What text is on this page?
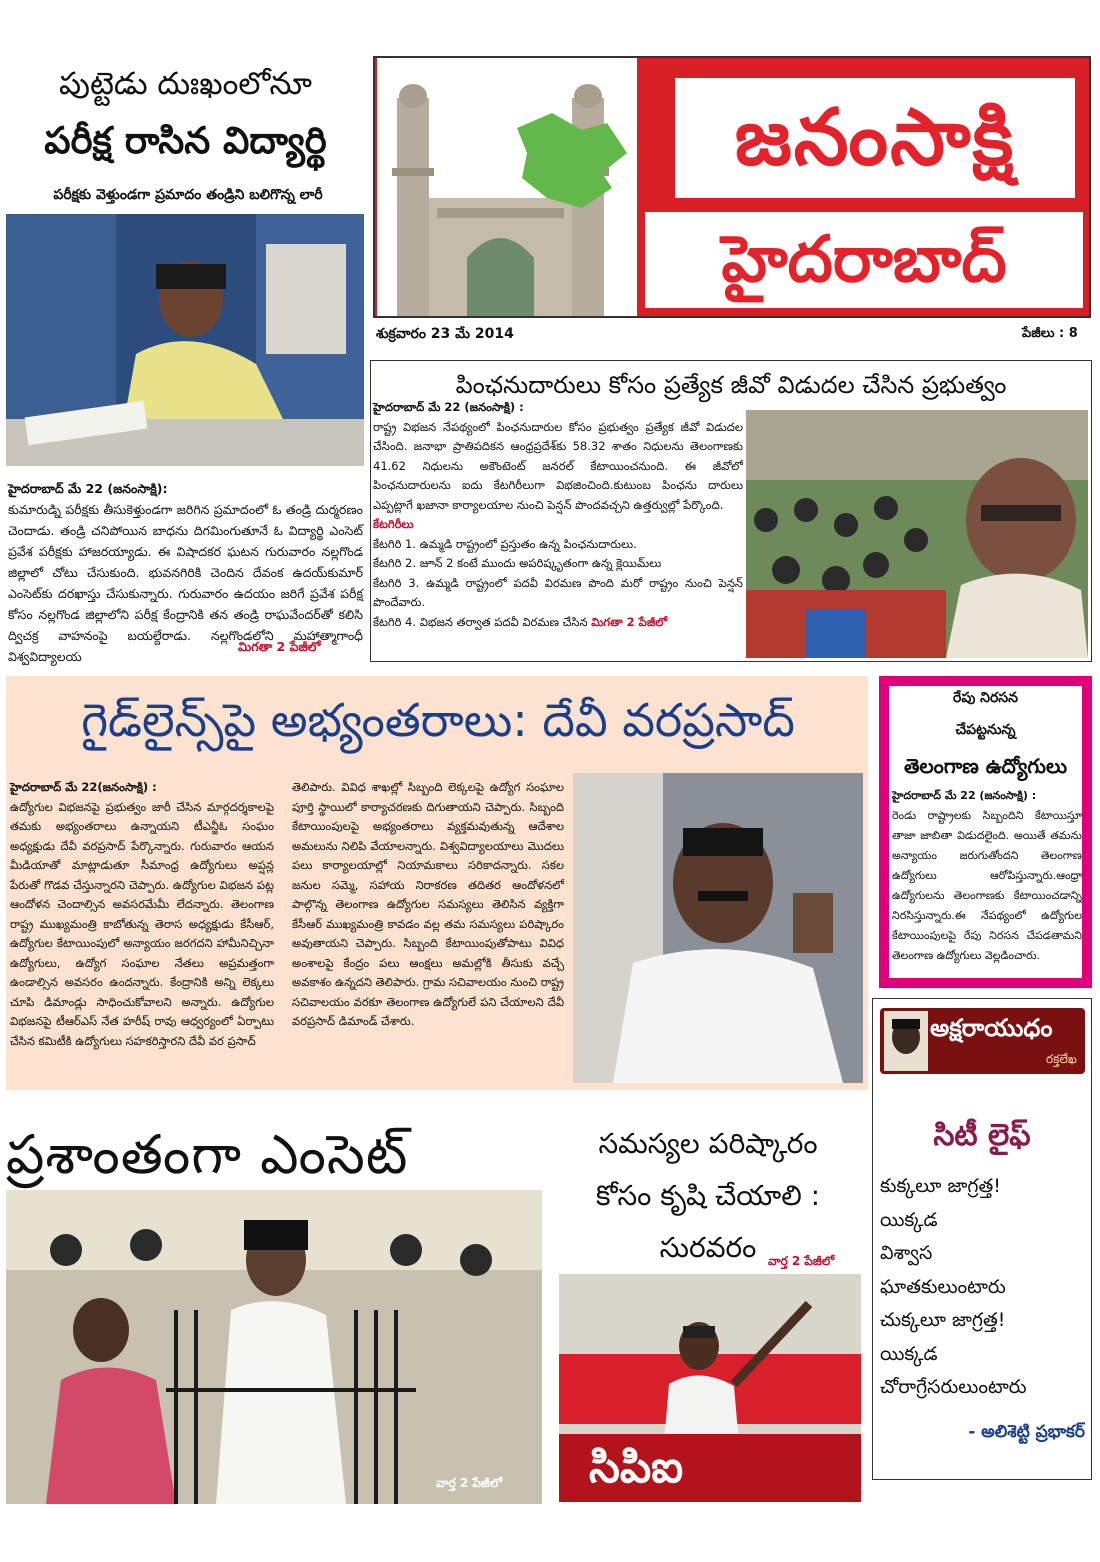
పుట్టెడు దుఃఖంలోనూ
పరీక్ష రాసిన విద్యార్థి
పరీక్షకు వెళ్తుండగా ప్రమాదం తండ్రిని బలిగొన్న లారీ

హైదరాబాద్‌ మే 22 (జనంసాక్షి):

కుమారుడ్ని పరీక్షకు తీసుకెళ్తుండగా జరిగిన ప్రమాదంలో ఓ తండ్రి దుర్మరణం చెందాడు. తండ్రి చనిపోయిన బాధను దిగమింగుతూనే ఓ విద్యార్థి ఎంసెట్‌ ప్రవేశ పరీక్షకు హాజరయ్యాడు. ఈ విషాదకర ఘటన గురువారం నల్లగొండ జిల్లాలో చోటు చేసుకుంది. భువనగిరికి చెందిన దేవంక ఉదయ్‌కుమార్‌ ఎంసెట్‌కు దరఖాస్తు చేసుకున్నారు. గురువారం ఉదయం జరిగే ప్రవేశ పరీక్ష కోసం నల్లగొండ జిల్లాలోని పరీక్ష కేంద్రానికి తన తండ్రి రాఘవేందర్‌తో కలిసి ద్విచక్ర వాహనంపై బయల్దేరాడు. నల్లగొండలోని మహాత్మాగాంధీ విశ్వవిద్యాలయ

మిగతా 2 పేజీలో
జనంసాక్షి
హైదరాబాద్‌
శుక్రవారం 23 మే 2014	పేజీలు : 8
పింఛనుదారులు కోసం ప్రత్యేక జీవో విడుదల చేసిన ప్రభుత్వం

హైదరాబాద్‌ మే 22 (జనంసాక్షి) :

రాష్ట్ర విభజన నేపథ్యంలో పింఛనుదారుల కోసం ప్రభుత్వం ప్రత్యేక జీవో విడుదల చేసింది. జనాభా ప్రాతిపదికన ఆంధ్రప్రదేశ్‌కు 58.32 శాతం నిధులను తెలంగాణకు 41.62 నిధులను అకౌంటెంట్‌ జనరల్‌ కేటాయించనుంది. ఈ జీవోలో పింఛనుదారులను ఐదు కేటగిరీలుగా విభజించింది.కుటుంబ పింఛను దారులు ఎప్పట్లాగే ఖజానా కార్యాలయాల నుంచి పెన్షన్‌ పొందవచ్చని ఉత్తర్వుల్లో పేర్కొంది.

కేటగిరీలు

కేటగిరి 1. ఉమ్మడి రాష్ట్రంలో ప్రస్తుతం ఉన్న పింఛనుదారులు.

కేటగిరి 2. జూన్‌ 2 కంటే ముందు అపరిష్కృతంగా ఉన్న క్లెయిమ్‌లు

కేటగిరి 3. ఉమ్మడి రాష్ట్రంలో పదవీ విరమణ పొంది మరో రాష్ట్రం నుంచి పెన్షన్‌ పొందేవారు.

కేటగిరి 4. విభజన తర్వాత పదవీ విరమణ చేసిన మిగతా 2 పేజీలో

గైడ్‌లైన్స్‌పై అభ్యంతరాలు: దేవీ వరప్రసాద్‌

హైదరాబాద్‌ మే 22(జనంసాక్షి) :

ఉద్యోగుల విభజనపై ప్రభుత్వం జారీ చేసిన మార్గదర్శకాలపై తమకు అభ్యంతరాలు ఉన్నాయని టీఎన్జీఓ సంఘం అధ్యక్షుడు దేవీ వరప్రసాద్‌ పేర్కొన్నారు. గురువారం ఆయన మీడియాతో మాట్లాడుతూ సీమాంధ్ర ఉద్యోగులు అప్షన్ల పేరుతో గొడవ చేస్తున్నారని చెప్పారు. ఉద్యోగుల విభజన పట్ల ఆందోళన చెందాల్సిన అవసరమేమీ లేదన్నారు. తెలంగాణ రాష్ట్ర ముఖ్యమంత్రి కాబోతున్న తెరాస అధ్యక్షుడు కేసీఆర్‌, ఉద్యోగుల కేటాయింపులో అన్యాయం జరగదని హామీనిచ్చినా ఉద్యోగులు, ఉద్యోగ సంఘాల నేతలు అప్రమత్తంగా ఉండాల్సిన అవసరం ఉందన్నారు. కేంద్రానికి అన్ని లెక్కలు చూపి డిమాండ్లు సాధించుకోవాలని అన్నారు. ఉద్యోగుల విభజనపై టీఆర్‌ఎస్‌ నేత హరీష్‌ రావు ఆధ్వర్యంలో ఏర్పాటు చేసిన కమిటీకి ఉద్యోగులు సహకరిస్తారని దేవీ వర ప్రసాద్‌

తెలిపారు. వివిధ శాఖల్లో సిబ్బంది లెక్కలపై ఉద్యోగ సంఘాల పూర్తి స్థాయిలో కార్యాచరణకు దిగుతాయని చెప్పారు. సిబ్బంది కేటాయింపులపై అభ్యంతరాలు వ్యక్తమవుతున్న ఆదేశాల అమలును నిలిపి వేయాలన్నారు. విశ్వవిద్యాలయాలు మొదలు పలు కార్యాలయాల్లో నియామకాలు సరికాదన్నారు. సకల జనుల సమ్మె, సహాయ నిరాకరణ తదితర ఆందోళనలో పాల్గొన్న తెలంగాణ ఉద్యోగుల సమస్యలు తెలిసిన వ్యక్తిగా కేసీఆర్‌ ముఖ్యమంత్రి కావడం వల్ల తమ సమస్యలు పరిష్కారం అవుతాయని చెప్పారు. సిబ్బంది కేటాయింపుతోపాటు వివిధ అంశాలపై కేంద్రం పలు ఆంక్షలు అమల్లోకి తీసుకు వచ్చే అవకాశం ఉన్నదని తెలిపారు. గ్రామ సచివాలయం నుంచి రాష్ట్ర సచివాలయం వరకూ తెలంగాణ ఉద్యోగులే పని చేయాలని దేవీ వరప్రసాద్‌ డిమాండ్‌ చేశారు.

రేపు నిరసన
చేపట్టనున్న
తెలంగాణ ఉద్యోగులు

హైదరాబాద్‌ మే 22 (జనంసాక్షి) :

రెండు రాష్ట్రాలకు సిబ్బందిని కేటాయిస్తూ తాజా జాబితా విడుదలైంది. అయితే తమను అన్యాయం జరుగుతోందని తెలంగాణ ఉద్యోగులు ఆరోపిస్తున్నారు.ఆంధ్రా ఉద్యోగులను తెలంగాణకు కేటాయించడాన్ని నిరసిస్తున్నారు.ఈ నేపథ్యంలో ఉద్యోగుల కేటాయింపులపై రేపు నిరసన చేపడతామని తెలంగాణ ఉద్యోగులు వెల్లడించారు.

అక్షరాయుధం
రక్తలేఖ
సిటీ లైఫ్‌
కుక్కలూ జాగ్రత్త!
యిక్కడ
విశ్వాస
ఘాతకులుంటారు
చుక్కలూ జాగ్రత్త!
యిక్కడ
చోరాగ్రేసరులుంటారు
- అలిశెట్టి ప్రభాకర్‌
ప్రశాంతంగా ఎంసెట్‌
వార్త 2 పేజీలో
సమస్యల పరిష్కారం
కోసం కృషి చేయాలి :
సురవరం వార్త 2 పేజీలో
సిపిఐ
